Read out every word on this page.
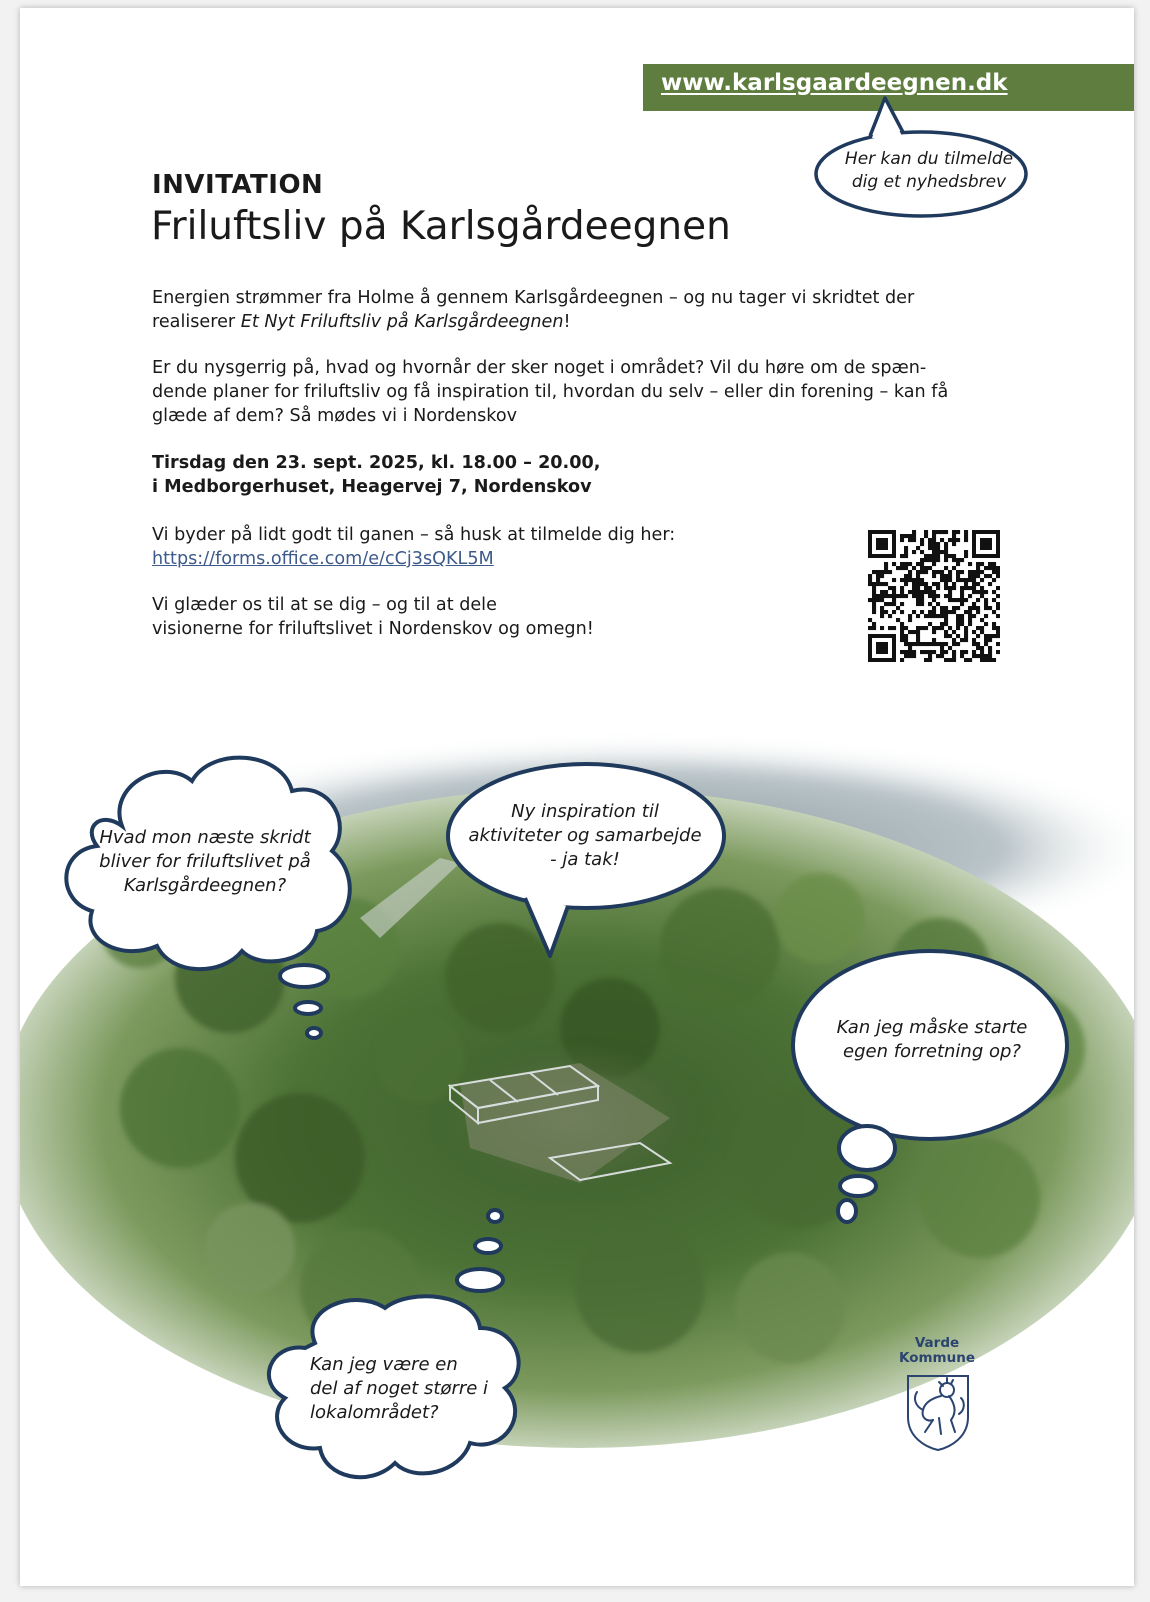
www.karlsgaardeegnen.dk
Her kan du tilmelde
dig et nyhedsbrev
INVITATION
Friluftsliv på Karlsgårdeegnen
Energien strømmer fra Holme å gennem Karlsgårdeegnen – og nu tager vi skridtet der
realiserer Et Nyt Friluftsliv på Karlsgårdeegnen!
Er du nysgerrig på, hvad og hvornår der sker noget i området? Vil du høre om de spæn-
dende planer for friluftsliv og få inspiration til, hvordan du selv – eller din forening – kan få
glæde af dem? Så mødes vi i Nordenskov
Tirsdag den 23. sept. 2025, kl. 18.00 – 20.00,
i Medborgerhuset, Heagervej 7, Nordenskov
Vi byder på lidt godt til ganen – så husk at tilmelde dig her:
https://forms.office.com/e/cCj3sQKL5M
Vi glæder os til at se dig – og til at dele
visionerne for friluftslivet i Nordenskov og omegn!
Hvad mon næste skridt
bliver for friluftslivet på
Karlsgårdeegnen?
Ny inspiration til
aktiviteter og samarbejde
- ja tak!
Kan jeg måske starte
egen forretning op?
Kan jeg være en
del af noget større i
lokalområdet?
Varde
Kommune
